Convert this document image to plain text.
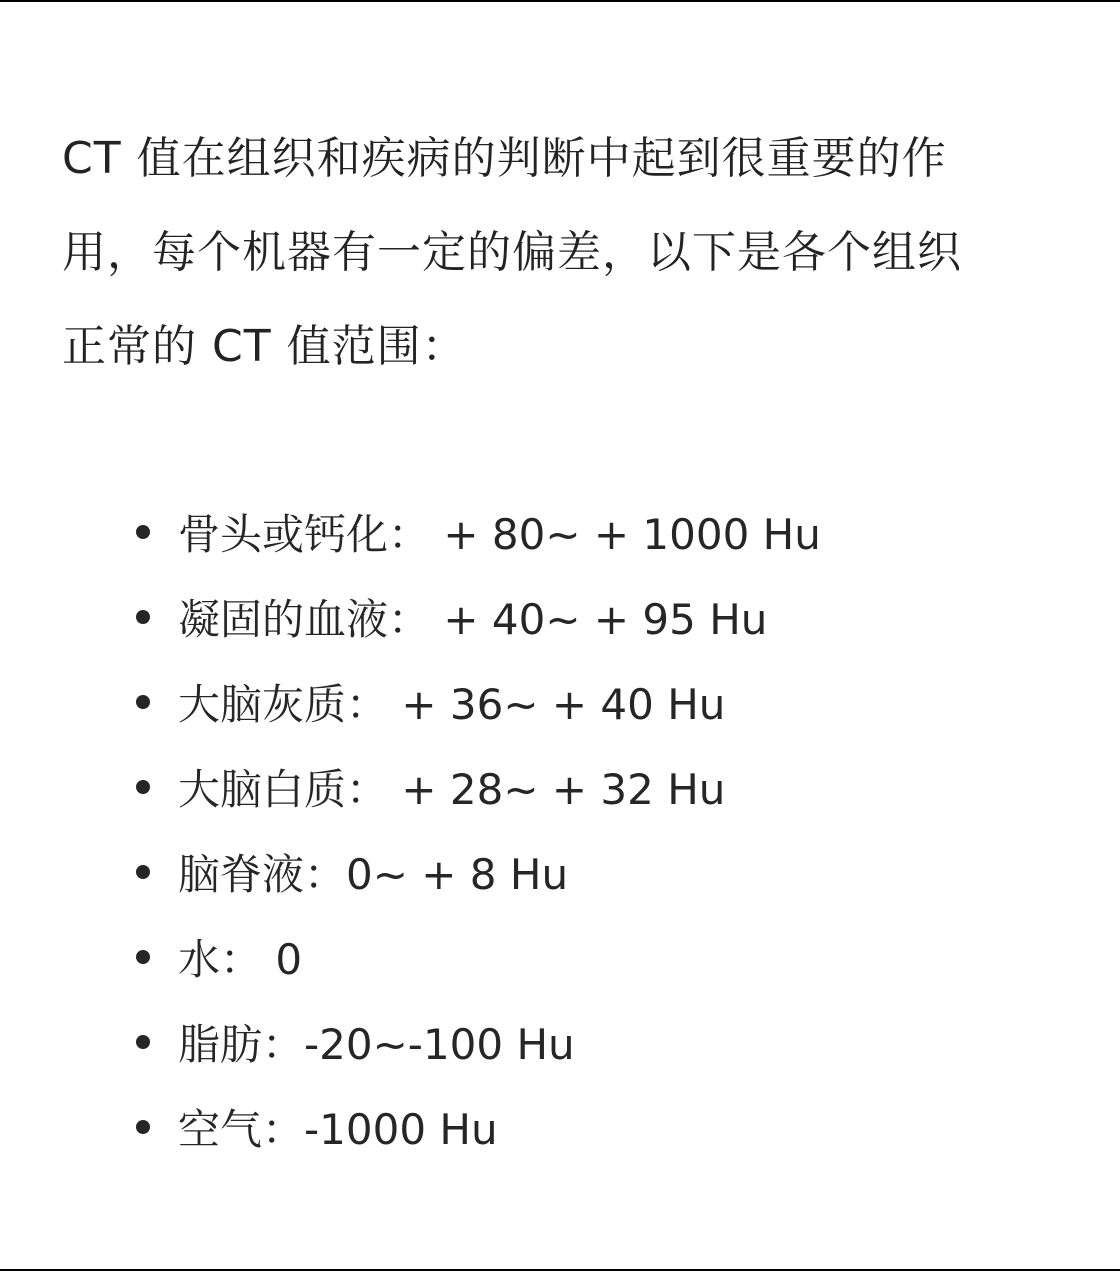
CT 值在组织和疾病的判断中起到很重要的作
用，每个机器有一定的偏差，以下是各个组织
正常的 CT 值范围：

骨头或钙化： + 80~ + 1000 Hu
凝固的血液： + 40~ + 95 Hu
大脑灰质： + 36~ + 40 Hu
大脑白质： + 28~ + 32 Hu
脑脊液：0~ + 8 Hu
水： 0
脂肪：-20~-100 Hu
空气：-1000 Hu
